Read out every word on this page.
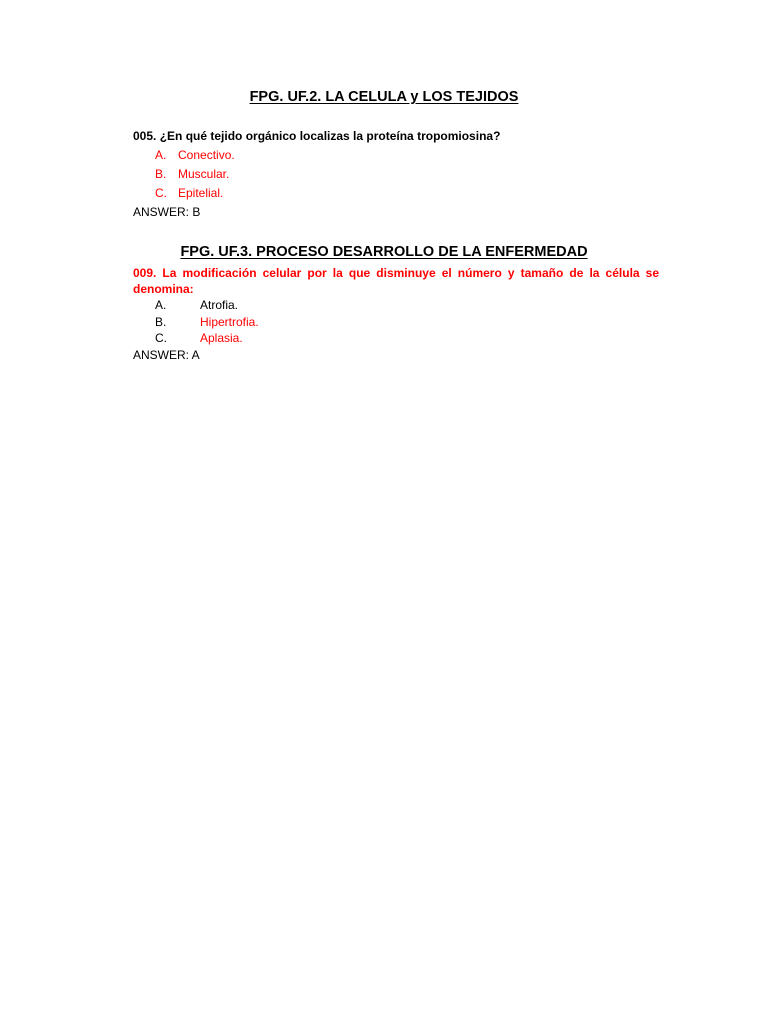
FPG. UF.2. LA CELULA y LOS TEJIDOS
005. ¿En qué tejido orgánico localizas la proteína tropomiosina?
A. Conectivo.
B. Muscular.
C. Epitelial.
ANSWER: B
FPG. UF.3. PROCESO DESARROLLO DE LA ENFERMEDAD
009. La modificación celular por la que disminuye el número y tamaño de la célula se
denomina:
A.	Atrofia.
B.	Hipertrofia.
C.	Aplasia.
ANSWER: A
